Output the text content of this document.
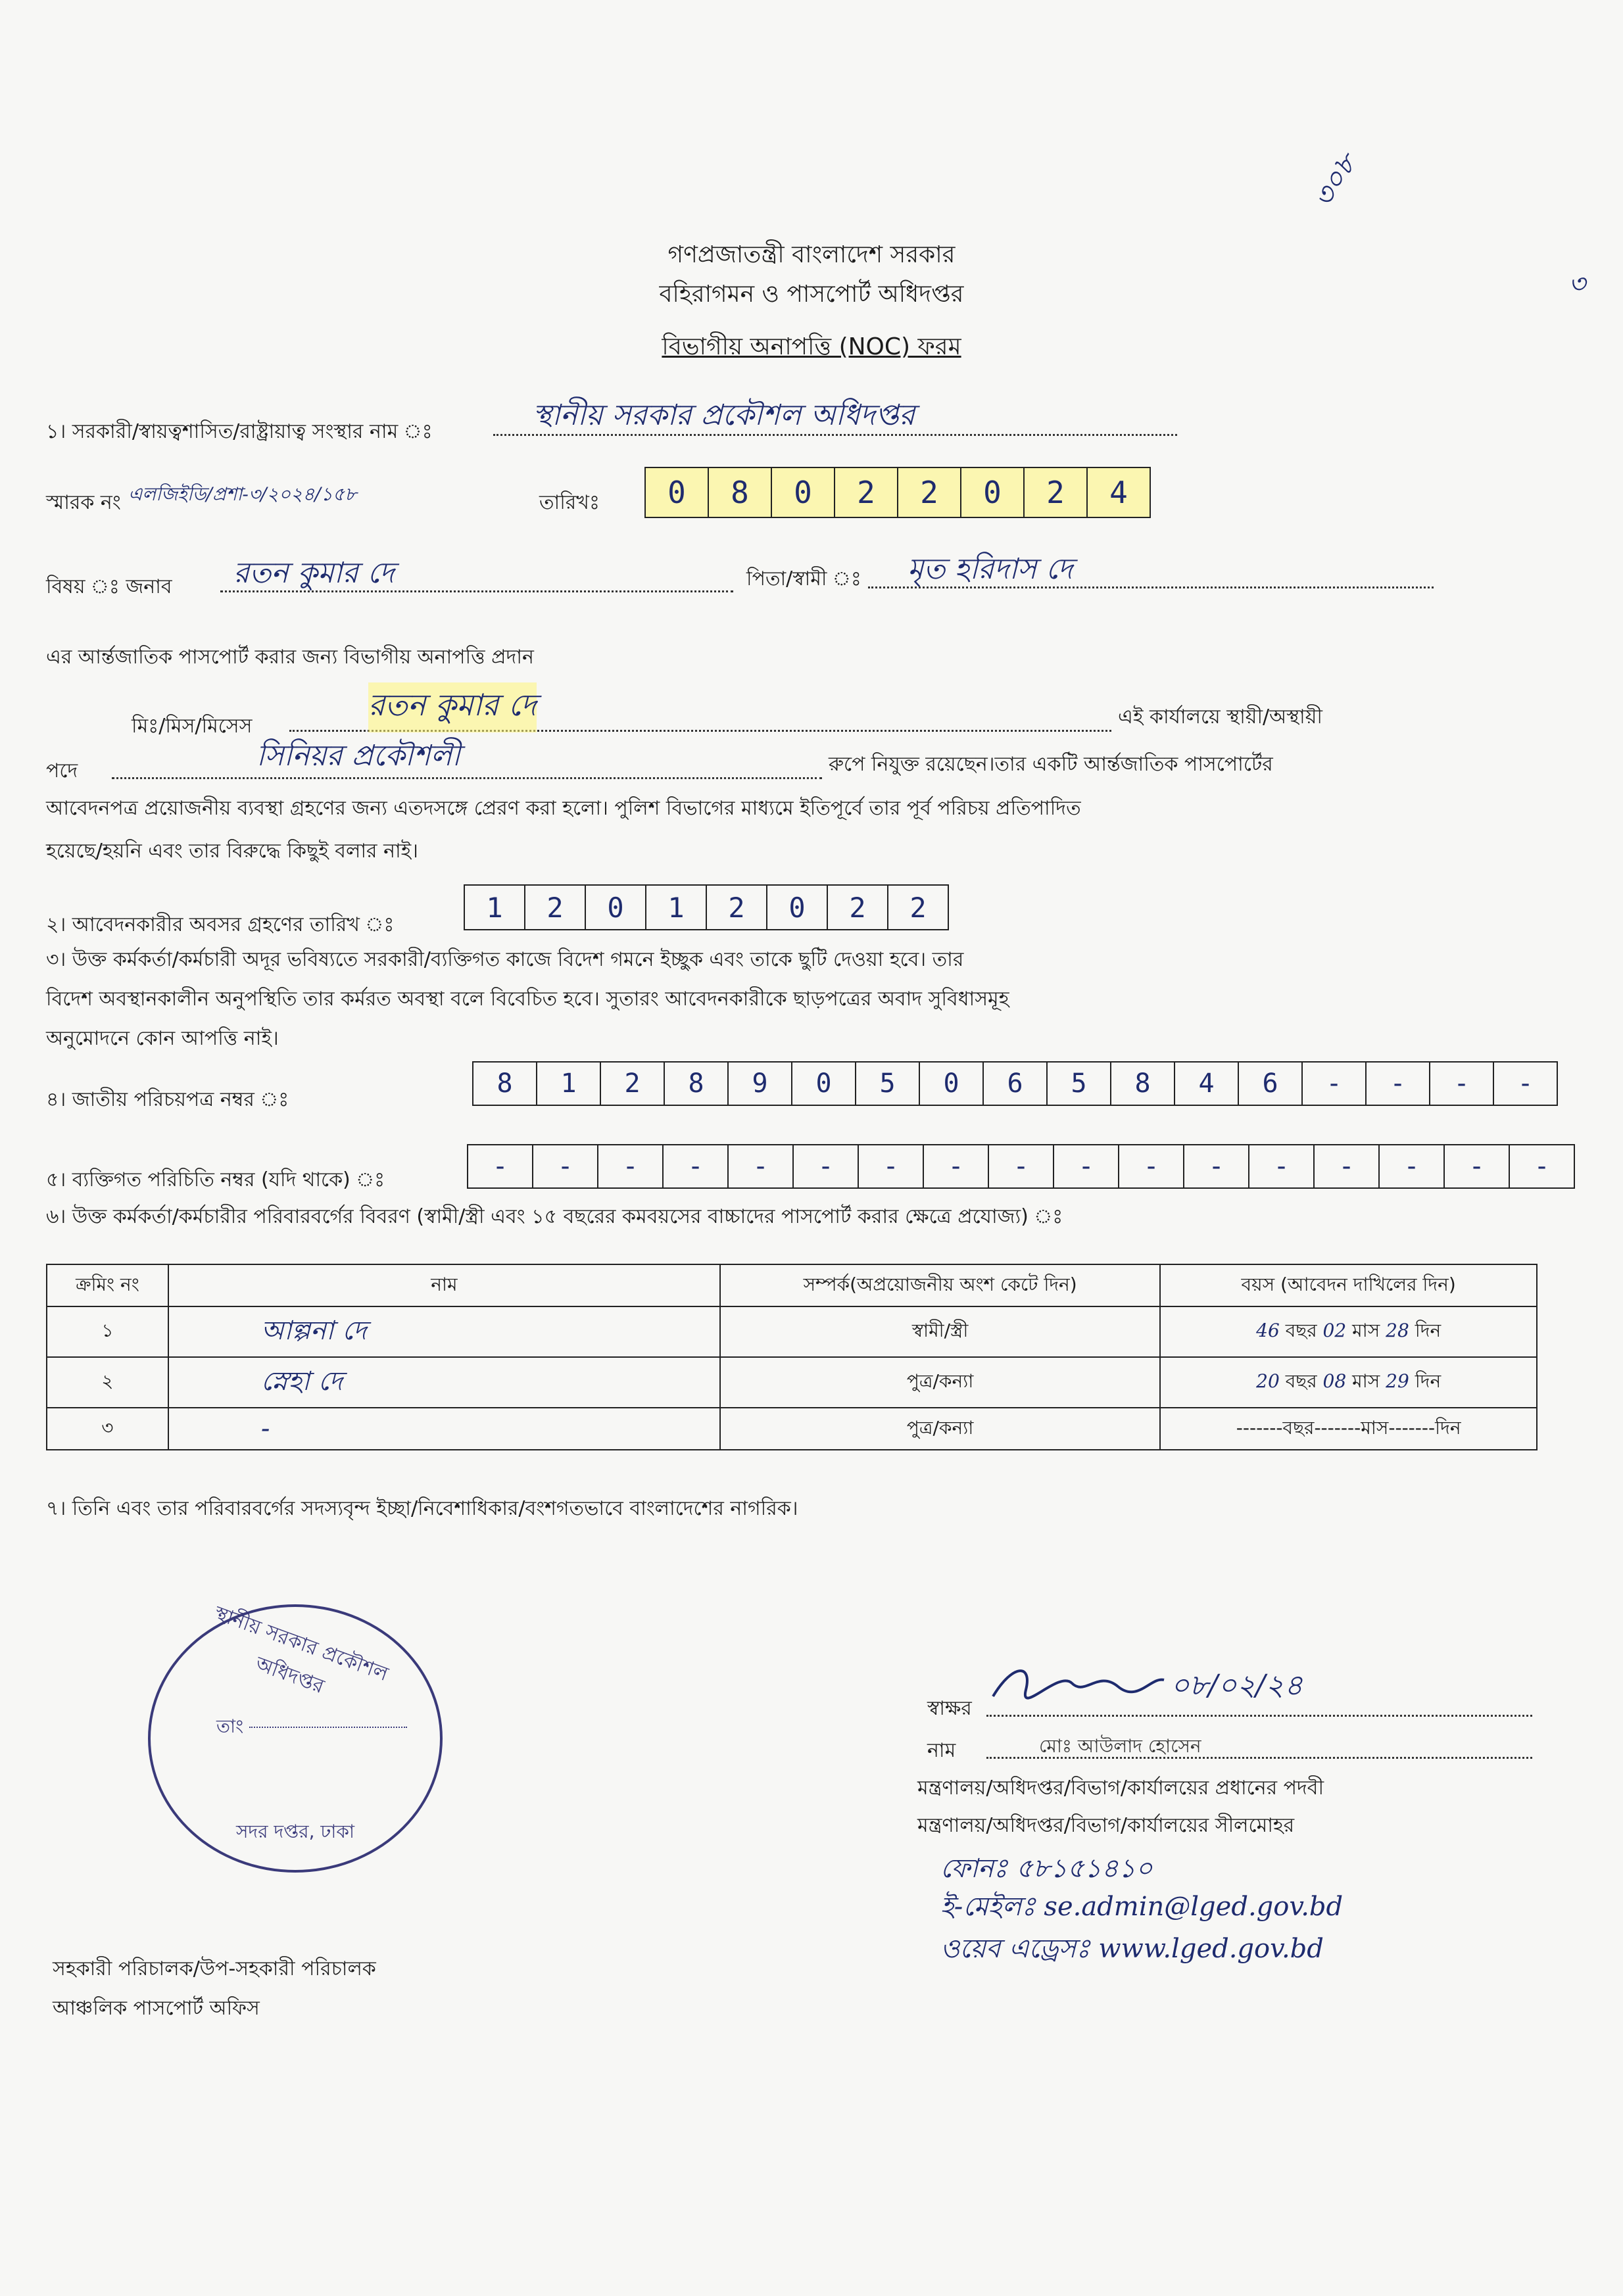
৩০৮
৩
গণপ্রজাতন্ত্রী বাংলাদেশ সরকার
বহিরাগমন ও পাসপোর্ট অধিদপ্তর
বিভাগীয় অনাপত্তি (NOC) ফরম
১। সরকারী/স্বায়ত্বশাসিত/রাষ্ট্রায়াত্ব সংস্থার নাম ঃ	স্থানীয় সরকার প্রকৌশল অধিদপ্তর
স্মারক নং এলজিইডি/প্রশা-৩/২০২৪/১৫৮	তারিখঃ	0	8	0	2	2	0	2	4
বিষয় ঃ জনাব রতন কুমার দে	পিতা/স্বামী ঃ মৃত হরিদাস দে
এর আর্ন্তজাতিক পাসপোর্ট করার জন্য বিভাগীয় অনাপত্তি প্রদান
মিঃ/মিস/মিসেস
রতন কুমার দে	এই কার্যালয়ে স্থায়ী/অস্থায়ী
পদে	সিনিয়র প্রকৌশলী	রুপে নিযুক্ত রয়েছেন।তার একটি আর্ন্তজাতিক পাসপোর্টের
আবেদনপত্র প্রয়োজনীয় ব্যবস্থা গ্রহণের জন্য এতদসঙ্গে প্রেরণ করা হলো। পুলিশ বিভাগের মাধ্যমে ইতিপূর্বে তার পূর্ব পরিচয় প্রতিপাদিত
হয়েছে/হয়নি এবং তার বিরুদ্ধে কিছুই বলার নাই।
২। আবেদনকারীর অবসর গ্রহণের তারিখ ঃ
1	2	0	1	2	0	2	2
৩। উক্ত কর্মকর্তা/কর্মচারী অদূর ভবিষ্যতে সরকারী/ব্যক্তিগত কাজে বিদেশ গমনে ইচ্ছুক এবং তাকে ছুটি দেওয়া হবে। তার
বিদেশ অবস্থানকালীন অনুপস্থিতি তার কর্মরত অবস্থা বলে বিবেচিত হবে। সুতারং আবেদনকারীকে ছাড়পত্রের অবাদ সুবিধাসমূহ
অনুমোদনে কোন আপত্তি নাই।
৪। জাতীয় পরিচয়পত্র নম্বর ঃ
8	1	2	8	9	0	5	0	6	5	8	4	6	-	-	-	-
৫। ব্যক্তিগত পরিচিতি নম্বর (যদি থাকে) ঃ	-	-	-	-	-	-	-	-	-	-	-	-	-	-	-	-	-
৬। উক্ত কর্মকর্তা/কর্মচারীর পরিবারবর্গের বিবরণ (স্বামী/স্ত্রী এবং ১৫ বছরের কমবয়সের বাচ্চাদের পাসপোর্ট করার ক্ষেত্রে প্রযোজ্য) ঃ
ক্রমিং নং	নাম	সম্পর্ক(অপ্রয়োজনীয় অংশ কেটে দিন)	বয়স (আবেদন দাখিলের দিন)
১	আল্পনা দে	স্বামী/স্ত্রী	46 বছর 02 মাস 28 দিন
২	স্নেহা দে	পুত্র/কন্যা	20 বছর 08 মাস 29 দিন
৩	-	পুত্র/কন্যা	-------বছর-------মাস-------দিন
৭। তিনি এবং তার পরিবারবর্গের সদস্যবৃন্দ ইচ্ছা/নিবেশাধিকার/বংশগতভাবে বাংলাদেশের নাগরিক।
স্থানীয় সরকার প্রকৌশল অধিদপ্তর
তাং
সদর দপ্তর, ঢাকা
স্বাক্ষর
০৮/০২/২৪
নাম	মোঃ আউলাদ হোসেন
মন্ত্রণালয়/অধিদপ্তর/বিভাগ/কার্যালয়ের প্রধানের পদবী
মন্ত্রণালয়/অধিদপ্তর/বিভাগ/কার্যালয়ের সীলমোহর
ফোনঃ ৫৮১৫১৪১০
ই-মেইলঃ se.admin@lged.gov.bd
ওয়েব এড্রেসঃ www.lged.gov.bd
সহকারী পরিচালক/উপ-সহকারী পরিচালক
আঞ্চলিক পাসপোর্ট অফিস
